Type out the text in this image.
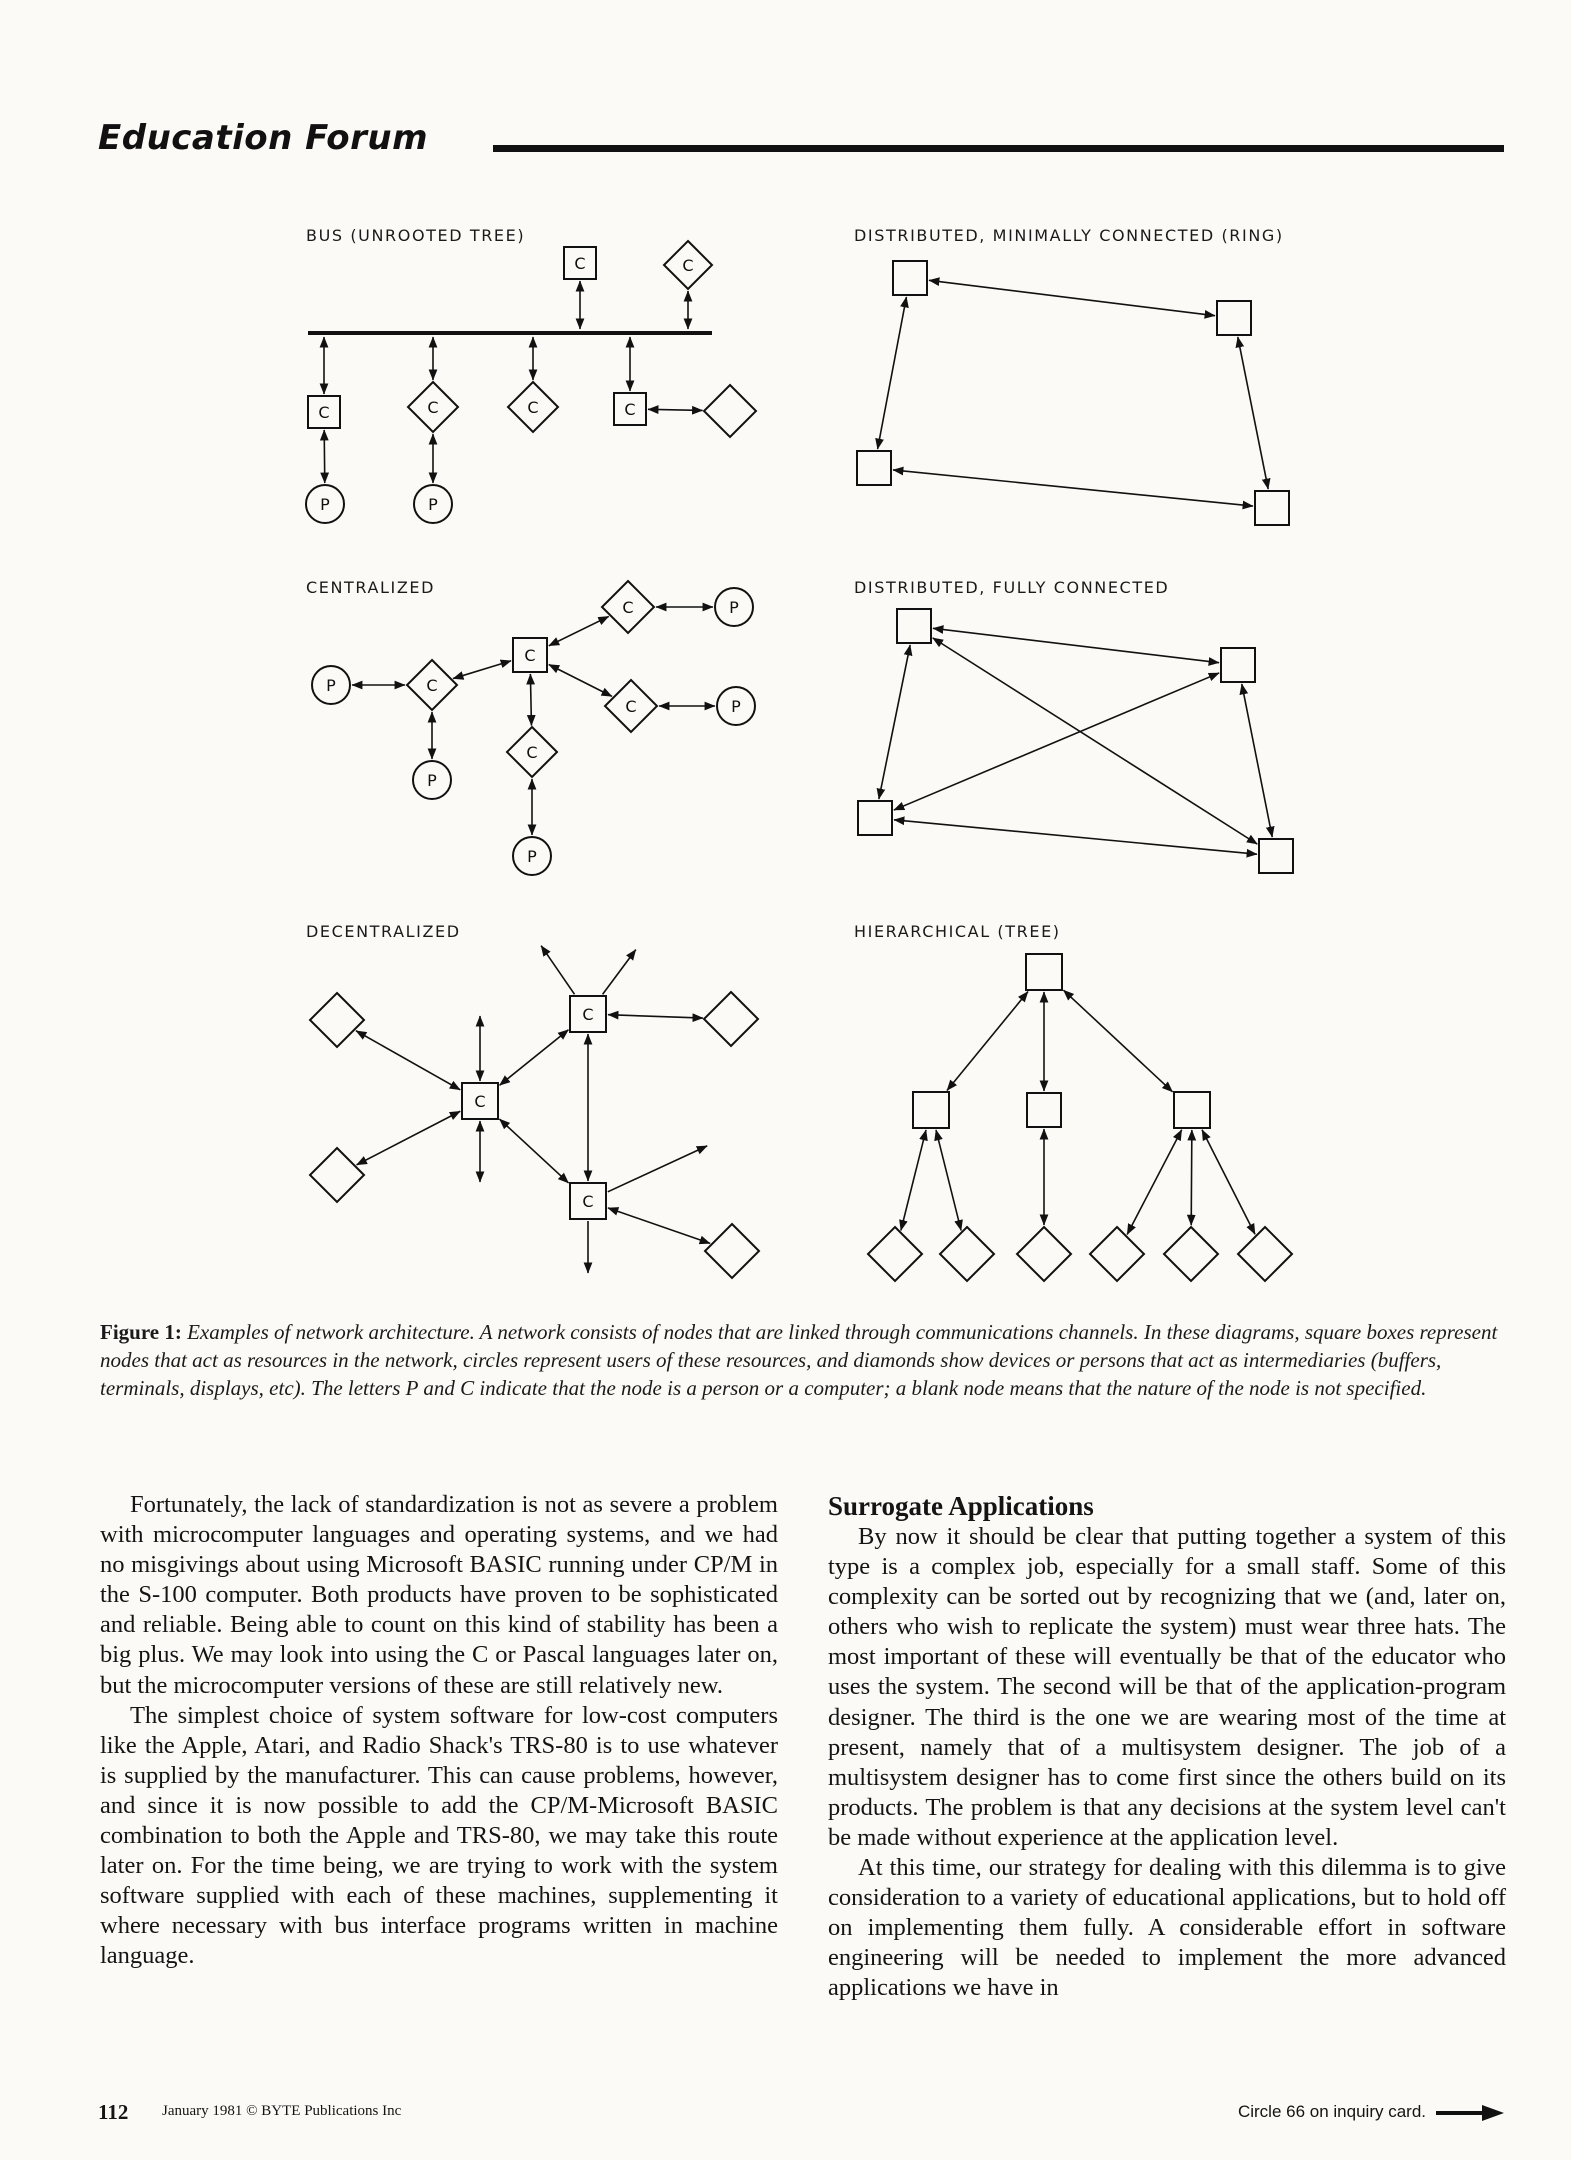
Education Forum
BUS (UNROOTED TREE)	DISTRIBUTED, MINIMALLY CONNECTED (RING)
CENTRALIZED	DISTRIBUTED, FULLY CONNECTED
DECENTRALIZED	HIERARCHICAL (TREE)
C	C
C	C	C	C
P	P
C
C	P
C
P
P
C	P
C
P
C
C
C
Figure 1: Examples of network architecture. A network consists of nodes that are linked through communications channels. In these diagrams, square boxes represent nodes that act as resources in the network, circles represent users of these resources, and diamonds show devices or persons that act as intermediaries (buffers, terminals, displays, etc). The letters P and C indicate that the node is a person or a computer; a blank node means that the nature of the node is not specified.

Fortunately, the lack of standardization is not as severe a problem with microcomputer languages and operating systems, and we had no misgivings about using Microsoft BASIC running under CP/M in the S-100 computer. Both products have proven to be sophisticated and reliable. Being able to count on this kind of stability has been a big plus. We may look into using the C or Pascal languages later on, but the microcomputer versions of these are still relatively new.

The simplest choice of system software for low-cost computers like the Apple, Atari, and Radio Shack's TRS-80 is to use whatever is supplied by the manufacturer. This can cause problems, however, and since it is now possible to add the CP/M-Microsoft BASIC combination to both the Apple and TRS-80, we may take this route later on. For the time being, we are trying to work with the system software supplied with each of these machines, supplementing it where necessary with bus interface programs written in machine language.

Surrogate Applications

By now it should be clear that putting together a system of this type is a complex job, especially for a small staff. Some of this complexity can be sorted out by recognizing that we (and, later on, others who wish to replicate the system) must wear three hats. The most important of these will eventually be that of the educator who uses the system. The second will be that of the application-program designer. The third is the one we are wearing most of the time at present, namely that of a multisystem designer. The job of a multisystem designer has to come first since the others build on its products. The problem is that any decisions at the system level can't be made without experience at the application level.

At this time, our strategy for dealing with this dilemma is to give consideration to a variety of educational applications, but to hold off on implementing them fully. A considerable effort in software engineering will be needed to implement the more advanced applications we have in

112 January 1981 © BYTE Publications Inc	Circle 66 on inquiry card.
